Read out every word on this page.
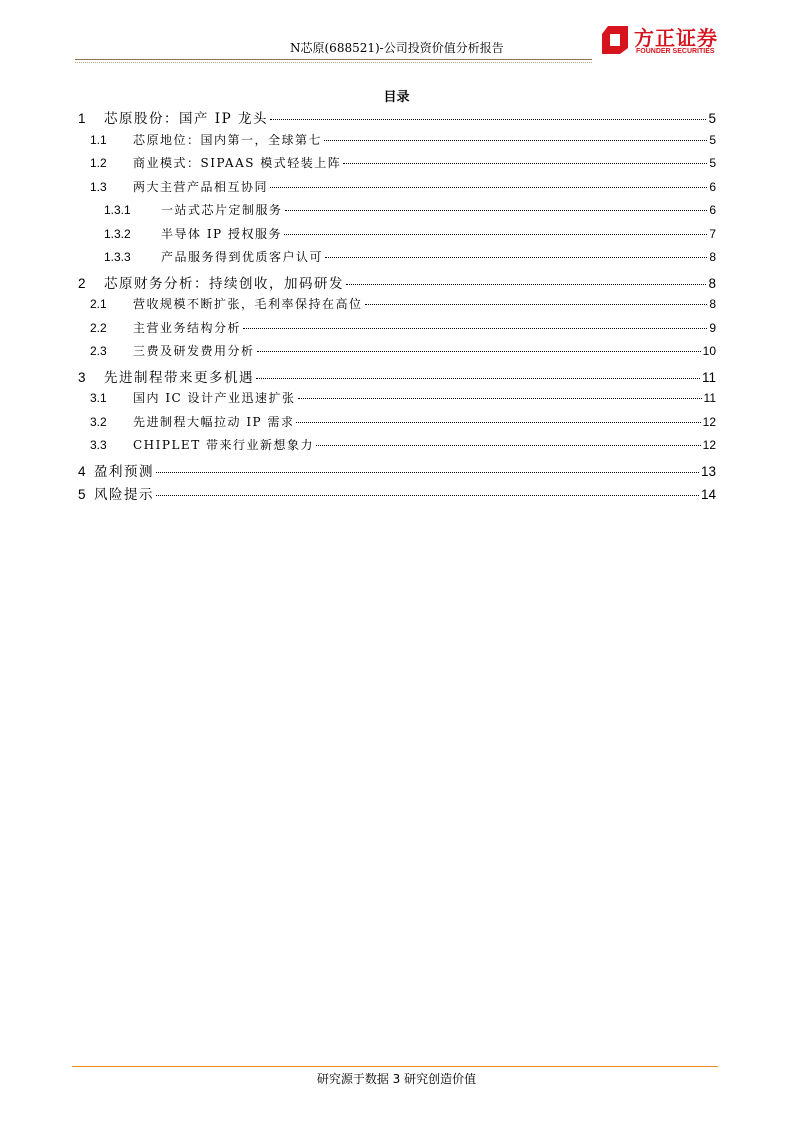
N芯原(688521)-公司投资价值分析报告	方正证券
FOUNDER SECURITIES
目录
1	芯原股份：国产 IP 龙头	5
1.1	芯原地位：国内第一，全球第七	5
1.2	商业模式：SIPAAS 模式轻装上阵	5
1.3	两大主营产品相互协同	6
1.3.1	一站式芯片定制服务	6
1.3.2	半导体 IP 授权服务	7
1.3.3	产品服务得到优质客户认可	8
2	芯原财务分析：持续创收，加码研发	8
2.1	营收规模不断扩张，毛利率保持在高位	8
2.2	主营业务结构分析	9
2.3	三费及研发费用分析	10
3	先进制程带来更多机遇	11
3.1	国内 IC 设计产业迅速扩张	11
3.2	先进制程大幅拉动 IP 需求	12
3.3	CHIPLET 带来行业新想象力	12
4 盈利预测	13
5 风险提示	14
研究源于数据 3 研究创造价值
